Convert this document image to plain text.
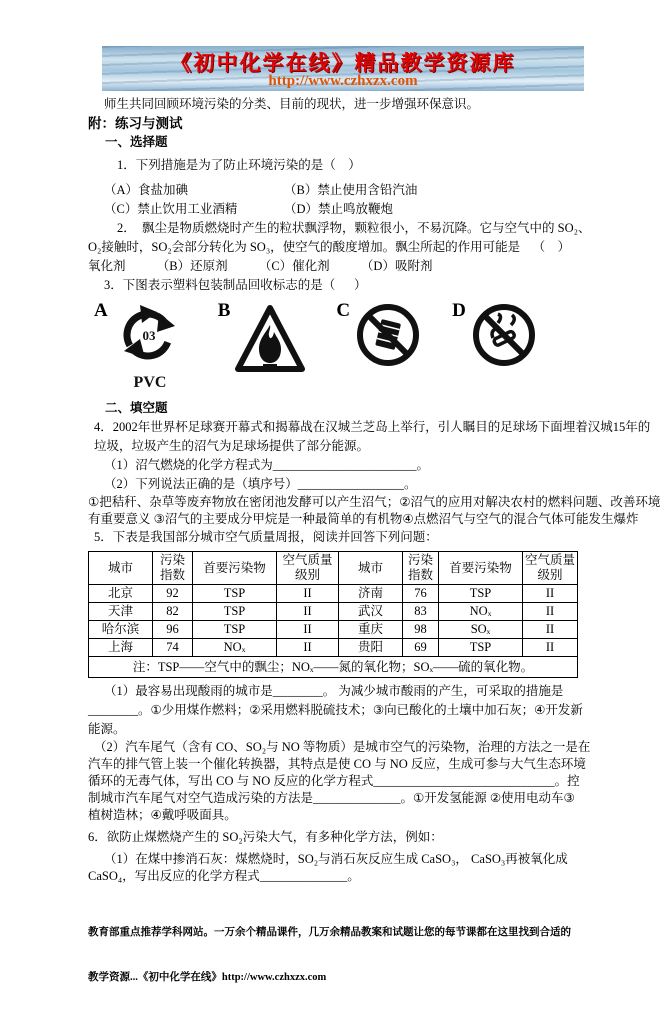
《初中化学在线》精品教学资源库
http://www.czhxzx.com
师生共同回顾环境污染的分类、目前的现状，进一步增强环保意识。
附：练习与测试
一、选择题
1．下列措施是为了防止环境污染的是（    ）
（A）食盐加碘	（B）禁止使用含铅汽油
（C）禁止饮用工业酒精	（D）禁止鸣放鞭炮
2．  飘尘是物质燃烧时产生的粒状飘浮物，颗粒很小，不易沉降。它与空气中的 SO₂、
O₂接触时，SO₂会部分转化为 SO₃，使空气的酸度增加。飘尘所起的作用可能是    （    ）
氧化剂          （B）还原剂          （C）催化剂          （D）吸附剂
3．下图表示塑料包装制品回收标志的是（      ）
A
03
PVC
B	C	D
二、填空题
4．2002年世界杯足球赛开幕式和揭幕战在汉城兰芝岛上举行，引人瞩目的足球场下面埋着汉城15年的
垃圾，垃圾产生的沼气为足球场提供了部分能源。
（1）沼气燃烧的化学方程式为_______________________。
（2）下列说法正确的是（填序号）_________________。
①把秸秆、杂草等废弃物放在密闭池发酵可以产生沼气；②沼气的应用对解决农村的燃料问题、改善环境
有重要意义 ③沼气的主要成分甲烷是一种最简单的有机物④点燃沼气与空气的混合气体可能发生爆炸
5．下表是我国部分城市空气质量周报，阅读并回答下列问题：
城市	污染指数	首要污染物	空气质量级别	城市	污染指数	首要污染物	空气质量级别
北京	92	TSP	II	济南	76	TSP	II
天津	82	TSP	II	武汉	83	NOₓ	II
哈尔滨	96	TSP	II	重庆	98	SOₓ	II
上海	74	NOₓ	II	贵阳	69	TSP	II
注：TSP——空气中的飘尘；NOₓ——氮的氧化物；SOₓ——硫的氧化物。							
（1）最容易出现酸雨的城市是________。 为减少城市酸雨的产生，可采取的措施是
________。①少用煤作燃料；②采用燃料脱硫技术；③向已酸化的土壤中加石灰；④开发新
能源。
（2）汽车尾气（含有 CO、SO₂与 NO 等物质）是城市空气的污染物，治理的方法之一是在
汽车的排气管上装一个催化转换器，其特点是使 CO 与 NO 反应，生成可参与大气生态环境
循环的无毒气体，写出 CO 与 NO 反应的化学方程式_____________________________。控
制城市汽车尾气对空气造成污染的方法是______________。①开发氢能源 ②使用电动车③
植树造林；④戴呼吸面具。
6．欲防止煤燃烧产生的 SO₂污染大气，有多种化学方法，例如：
（1）在煤中掺消石灰：煤燃烧时，SO₂与消石灰反应生成 CaSO₃， CaSO₃再被氧化成
CaSO₄，写出反应的化学方程式______________。

教育部重点推荐学科网站。一万余个精品课件，几万余精品教案和试题让您的每节课都在这里找到合适的

教学资源...《初中化学在线》http://www.czhxzx.com
